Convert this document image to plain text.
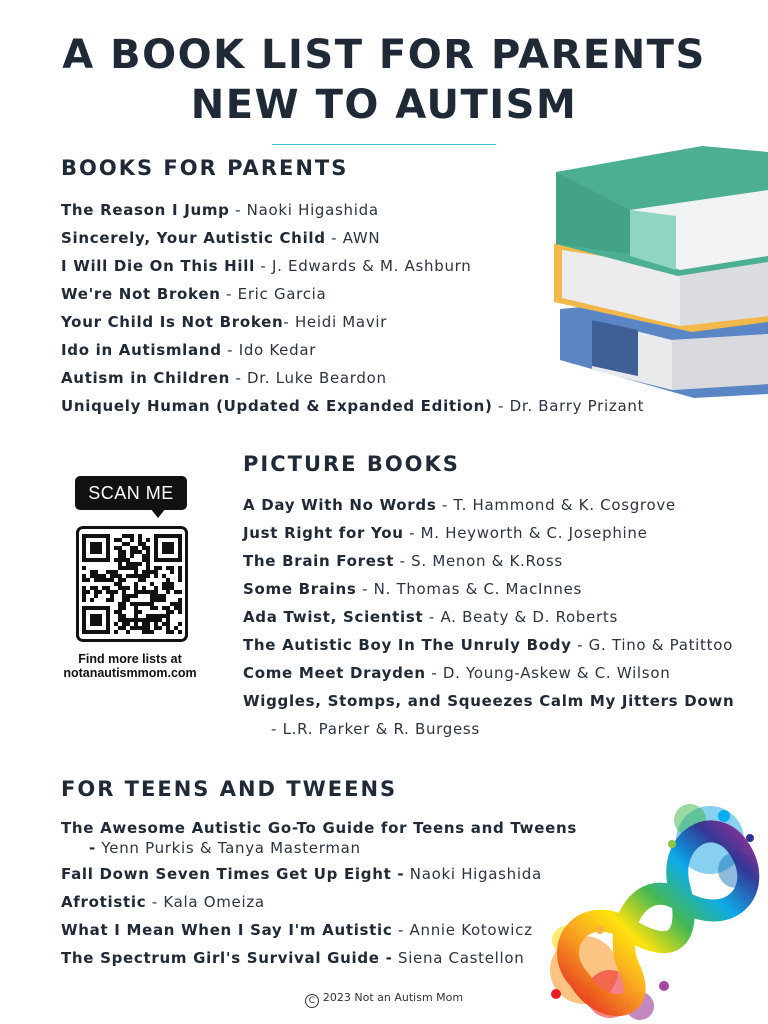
A BOOK LIST FOR PARENTS
NEW TO AUTISM
BOOKS FOR PARENTS
The Reason I Jump - Naoki Higashida
Sincerely, Your Autistic Child - AWN
I Will Die On This Hill - J. Edwards & M. Ashburn
We're Not Broken - Eric Garcia
Your Child Is Not Broken- Heidi Mavir
Ido in Autismland - Ido Kedar
Autism in Children - Dr. Luke Beardon
Uniquely Human (Updated & Expanded Edition) - Dr. Barry Prizant
PICTURE BOOKS
A Day With No Words - T. Hammond & K. Cosgrove
Just Right for You - M. Heyworth & C. Josephine
The Brain Forest - S. Menon & K.Ross
Some Brains - N. Thomas & C. MacInnes
Ada Twist, Scientist - A. Beaty & D. Roberts
The Autistic Boy In The Unruly Body - G. Tino & Patittoo
Come Meet Drayden - D. Young-Askew & C. Wilson
Wiggles, Stomps, and Squeezes Calm My Jitters Down
- L.R. Parker & R. Burgess
SCAN ME
Find more lists at
notanautismmom.com
FOR TEENS AND TWEENS
The Awesome Autistic Go-To Guide for Teens and Tweens
- Yenn Purkis & Tanya Masterman
Fall Down Seven Times Get Up Eight - Naoki Higashida
Afrotistic - Kala Omeiza
What I Mean When I Say I'm Autistic - Annie Kotowicz
The Spectrum Girl's Survival Guide - Siena Castellon
C 2023 Not an Autism Mom
